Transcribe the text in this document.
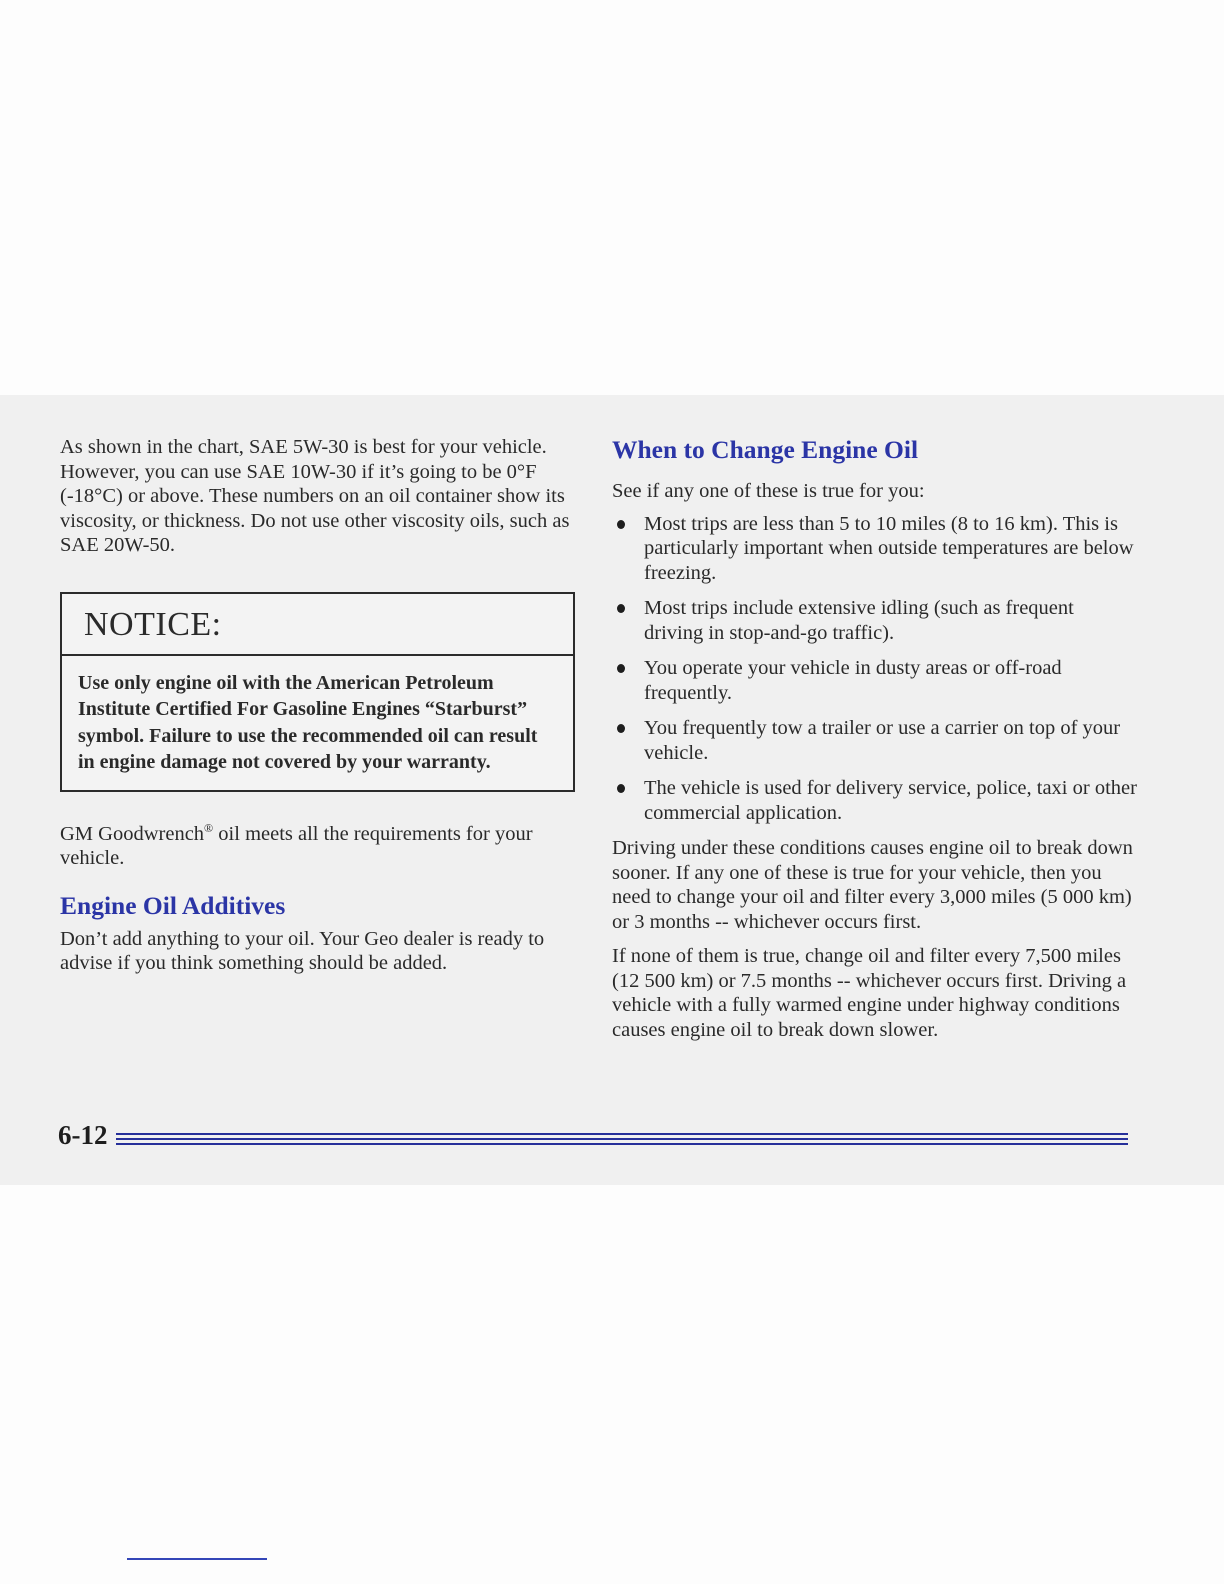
As shown in the chart, SAE 5W-30 is best for your vehicle. However, you can use SAE 10W-30 if it’s going to be 0°F (-18°C) or above. These numbers on an oil container show its viscosity, or thickness. Do not use other viscosity oils, such as SAE 20W-50.

NOTICE:
Use only engine oil with the American Petroleum Institute Certified For Gasoline Engines “Starburst” symbol. Failure to use the recommended oil can result in engine damage not covered by your warranty.

GM Goodwrench® oil meets all the requirements for your vehicle.

Engine Oil Additives

Don’t add anything to your oil. Your Geo dealer is ready to advise if you think something should be added.

When to Change Engine Oil

See if any one of these is true for you:

Most trips are less than 5 to 10 miles (8 to 16 km). This is particularly important when outside temperatures are below freezing.
Most trips include extensive idling (such as frequent driving in stop-and-go traffic).
You operate your vehicle in dusty areas or off-road frequently.
You frequently tow a trailer or use a carrier on top of your vehicle.
The vehicle is used for delivery service, police, taxi or other commercial application.

Driving under these conditions causes engine oil to break down sooner. If any one of these is true for your vehicle, then you need to change your oil and filter every 3,000 miles (5 000 km) or 3 months -- whichever occurs first.

If none of them is true, change oil and filter every 7,500 miles (12 500 km) or 7.5 months -- whichever occurs first. Driving a vehicle with a fully warmed engine under highway conditions causes engine oil to break down slower.

6-12
